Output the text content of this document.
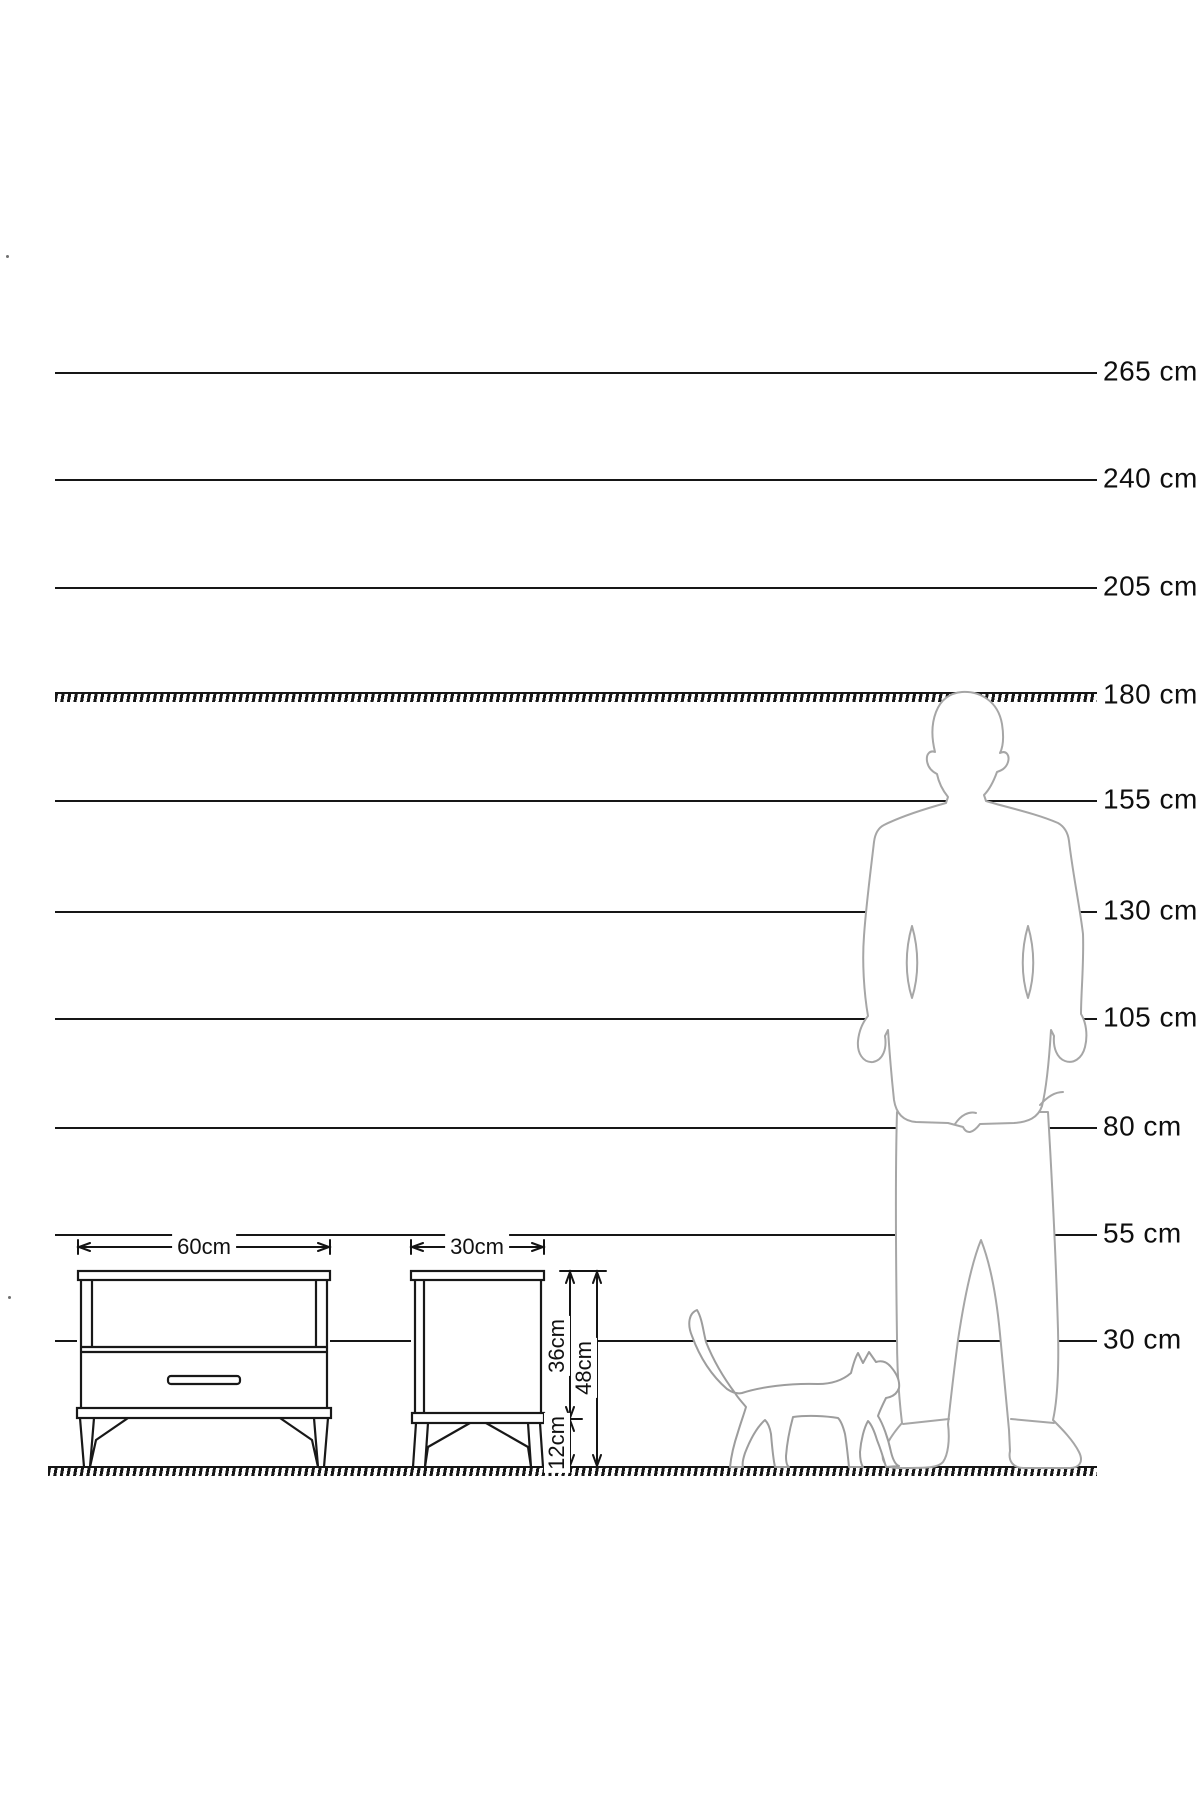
265 cm
240 cm
205 cm
180 cm
155 cm
130 cm
105 cm
80 cm
55 cm
30 cm
60cm	30cm
36cm
12cm
48cm
